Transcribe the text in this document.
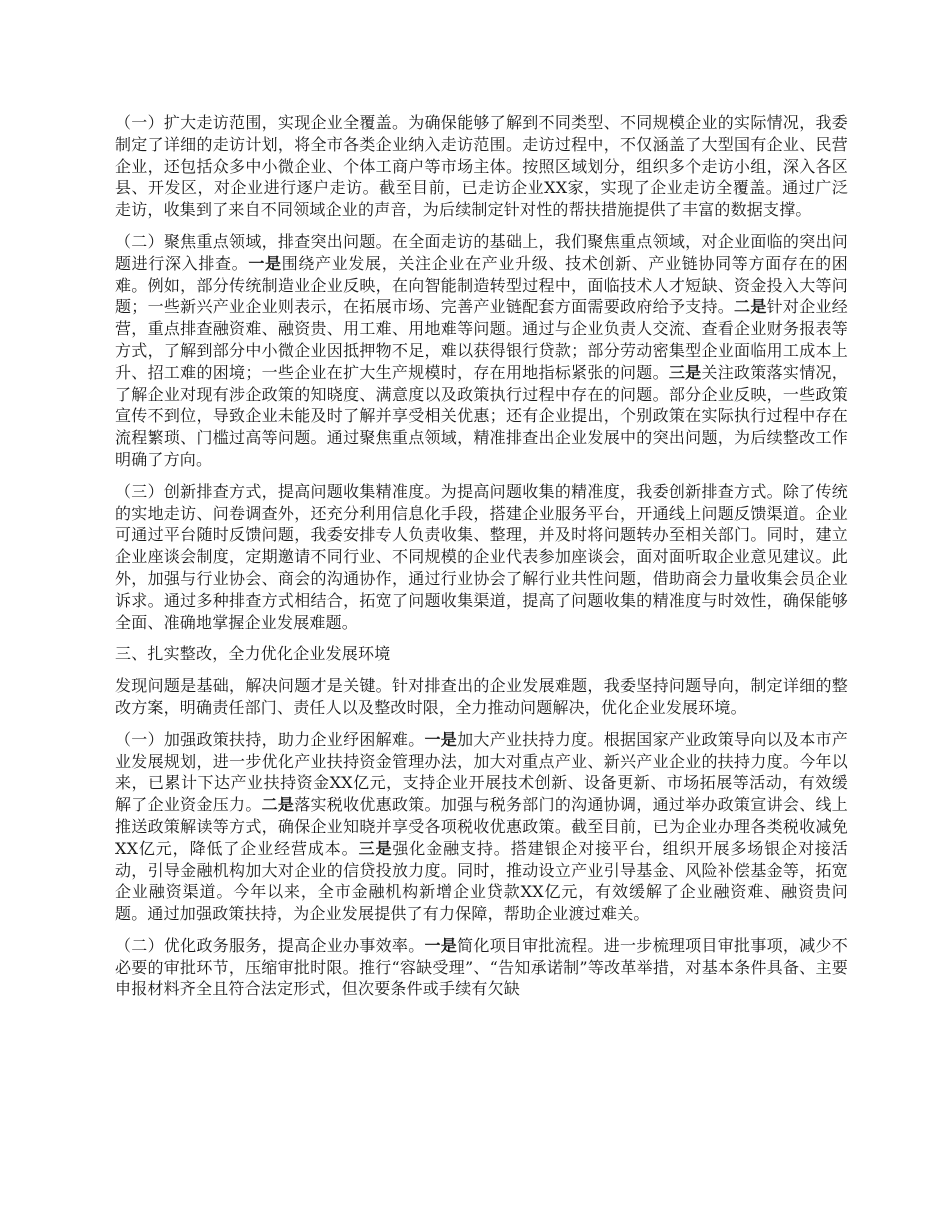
（一）扩大走访范围，实现企业全覆盖。为确保能够了解到不同类型、不同规模企业的实际情况，我委制定了详细的走访计划，将全市各类企业纳入走访范围。走访过程中，不仅涵盖了大型国有企业、民营企业，还包括众多中小微企业、个体工商户等市场主体。按照区域划分，组织多个走访小组，深入各区县、开发区，对企业进行逐户走访。截至目前，已走访企业XX家，实现了企业走访全覆盖。通过广泛走访，收集到了来自不同领域企业的声音，为后续制定针对性的帮扶措施提供了丰富的数据支撑。

（二）聚焦重点领域，排查突出问题。在全面走访的基础上，我们聚焦重点领域，对企业面临的突出问题进行深入排查。一是围绕产业发展，关注企业在产业升级、技术创新、产业链协同等方面存在的困难。例如，部分传统制造业企业反映，在向智能制造转型过程中，面临技术人才短缺、资金投入大等问题；一些新兴产业企业则表示，在拓展市场、完善产业链配套方面需要政府给予支持。二是针对企业经营，重点排查融资难、融资贵、用工难、用地难等问题。通过与企业负责人交流、查看企业财务报表等方式，了解到部分中小微企业因抵押物不足，难以获得银行贷款；部分劳动密集型企业面临用工成本上升、招工难的困境；一些企业在扩大生产规模时，存在用地指标紧张的问题。三是关注政策落实情况，了解企业对现有涉企政策的知晓度、满意度以及政策执行过程中存在的问题。部分企业反映，一些政策宣传不到位，导致企业未能及时了解并享受相关优惠；还有企业提出，个别政策在实际执行过程中存在流程繁琐、门槛过高等问题。通过聚焦重点领域，精准排查出企业发展中的突出问题，为后续整改工作明确了方向。

（三）创新排查方式，提高问题收集精准度。为提高问题收集的精准度，我委创新排查方式。除了传统的实地走访、问卷调查外，还充分利用信息化手段，搭建企业服务平台，开通线上问题反馈渠道。企业可通过平台随时反馈问题，我委安排专人负责收集、整理，并及时将问题转办至相关部门。同时，建立企业座谈会制度，定期邀请不同行业、不同规模的企业代表参加座谈会，面对面听取企业意见建议。此外，加强与行业协会、商会的沟通协作，通过行业协会了解行业共性问题，借助商会力量收集会员企业诉求。通过多种排查方式相结合，拓宽了问题收集渠道，提高了问题收集的精准度与时效性，确保能够全面、准确地掌握企业发展难题。

三、扎实整改，全力优化企业发展环境

发现问题是基础，解决问题才是关键。针对排查出的企业发展难题，我委坚持问题导向，制定详细的整改方案，明确责任部门、责任人以及整改时限，全力推动问题解决，优化企业发展环境。

（一）加强政策扶持，助力企业纾困解难。一是加大产业扶持力度。根据国家产业政策导向以及本市产业发展规划，进一步优化产业扶持资金管理办法，加大对重点产业、新兴产业企业的扶持力度。今年以来，已累计下达产业扶持资金XX亿元，支持企业开展技术创新、设备更新、市场拓展等活动，有效缓解了企业资金压力。二是落实税收优惠政策。加强与税务部门的沟通协调，通过举办政策宣讲会、线上推送政策解读等方式，确保企业知晓并享受各项税收优惠政策。截至目前，已为企业办理各类税收减免XX亿元，降低了企业经营成本。三是强化金融支持。搭建银企对接平台，组织开展多场银企对接活动，引导金融机构加大对企业的信贷投放力度。同时，推动设立产业引导基金、风险补偿基金等，拓宽企业融资渠道。今年以来，全市金融机构新增企业贷款XX亿元，有效缓解了企业融资难、融资贵问题。通过加强政策扶持，为企业发展提供了有力保障，帮助企业渡过难关。

（二）优化政务服务，提高企业办事效率。一是简化项目审批流程。进一步梳理项目审批事项，减少不必要的审批环节，压缩审批时限。推行“容缺受理”、“告知承诺制”等改革举措，对基本条件具备、主要申报材料齐全且符合法定形式，但次要条件或手续有欠缺
